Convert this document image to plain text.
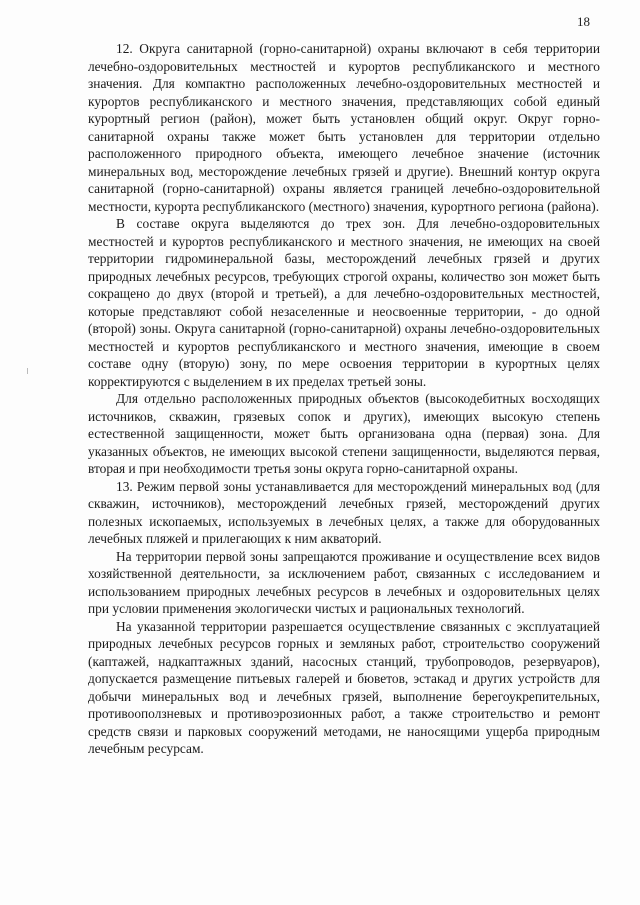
18

12. Округа санитарной (горно-санитарной) охраны включают в себя территории лечебно-оздоровительных местностей и курортов республиканского и местного значения. Для компактно расположенных лечебно-оздоровительных местностей и курортов республиканского и местного значения, представляющих собой единый курортный регион (район), может быть установлен общий округ. Округ горно-санитарной охраны также может быть установлен для территории отдельно расположенного природного объекта, имеющего лечебное значение (источник минеральных вод, месторождение лечебных грязей и другие). Внешний контур округа санитарной (горно-санитарной) охраны является границей лечебно-оздоровительной местности, курорта республиканского (местного) значения, курортного региона (района).

В составе округа выделяются до трех зон. Для лечебно-оздоровительных местностей и курортов республиканского и местного значения, не имеющих на своей территории гидроминеральной базы, месторождений лечебных грязей и других природных лечебных ресурсов, требующих строгой охраны, количество зон может быть сокращено до двух (второй и третьей), а для лечебно-оздоровительных местностей, которые представляют собой незаселенные и неосвоенные территории, - до одной (второй) зоны. Округа санитарной (горно-санитарной) охраны лечебно-оздоровительных местностей и курортов республиканского и местного значения, имеющие в своем составе одну (вторую) зону, по мере освоения территории в курортных целях корректируются с выделением в их пределах третьей зоны.

Для отдельно расположенных природных объектов (высокодебитных восходящих источников, скважин, грязевых сопок и других), имеющих высокую степень естественной защищенности, может быть организована одна (первая) зона. Для указанных объектов, не имеющих высокой степени защищенности, выделяются первая, вторая и при необходимости третья зоны округа горно-санитарной охраны.

13. Режим первой зоны устанавливается для месторождений минеральных вод (для скважин, источников), месторождений лечебных грязей, месторождений других полезных ископаемых, используемых в лечебных целях, а также для оборудованных лечебных пляжей и прилегающих к ним акваторий.

На территории первой зоны запрещаются проживание и осуществление всех видов хозяйственной деятельности, за исключением работ, связанных с исследованием и использованием природных лечебных ресурсов в лечебных и оздоровительных целях при условии применения экологически чистых и рациональных технологий.

На указанной территории разрешается осуществление связанных с эксплуатацией природных лечебных ресурсов горных и земляных работ, строительство сооружений (каптажей, надкаптажных зданий, насосных станций, трубопроводов, резервуаров), допускается размещение питьевых галерей и бюветов, эстакад и других устройств для добычи минеральных вод и лечебных грязей, выполнение берегоукрепительных, противооползневых и противоэрозионных работ, а также строительство и ремонт средств связи и парковых сооружений методами, не наносящими ущерба природным лечебным ресурсам.
